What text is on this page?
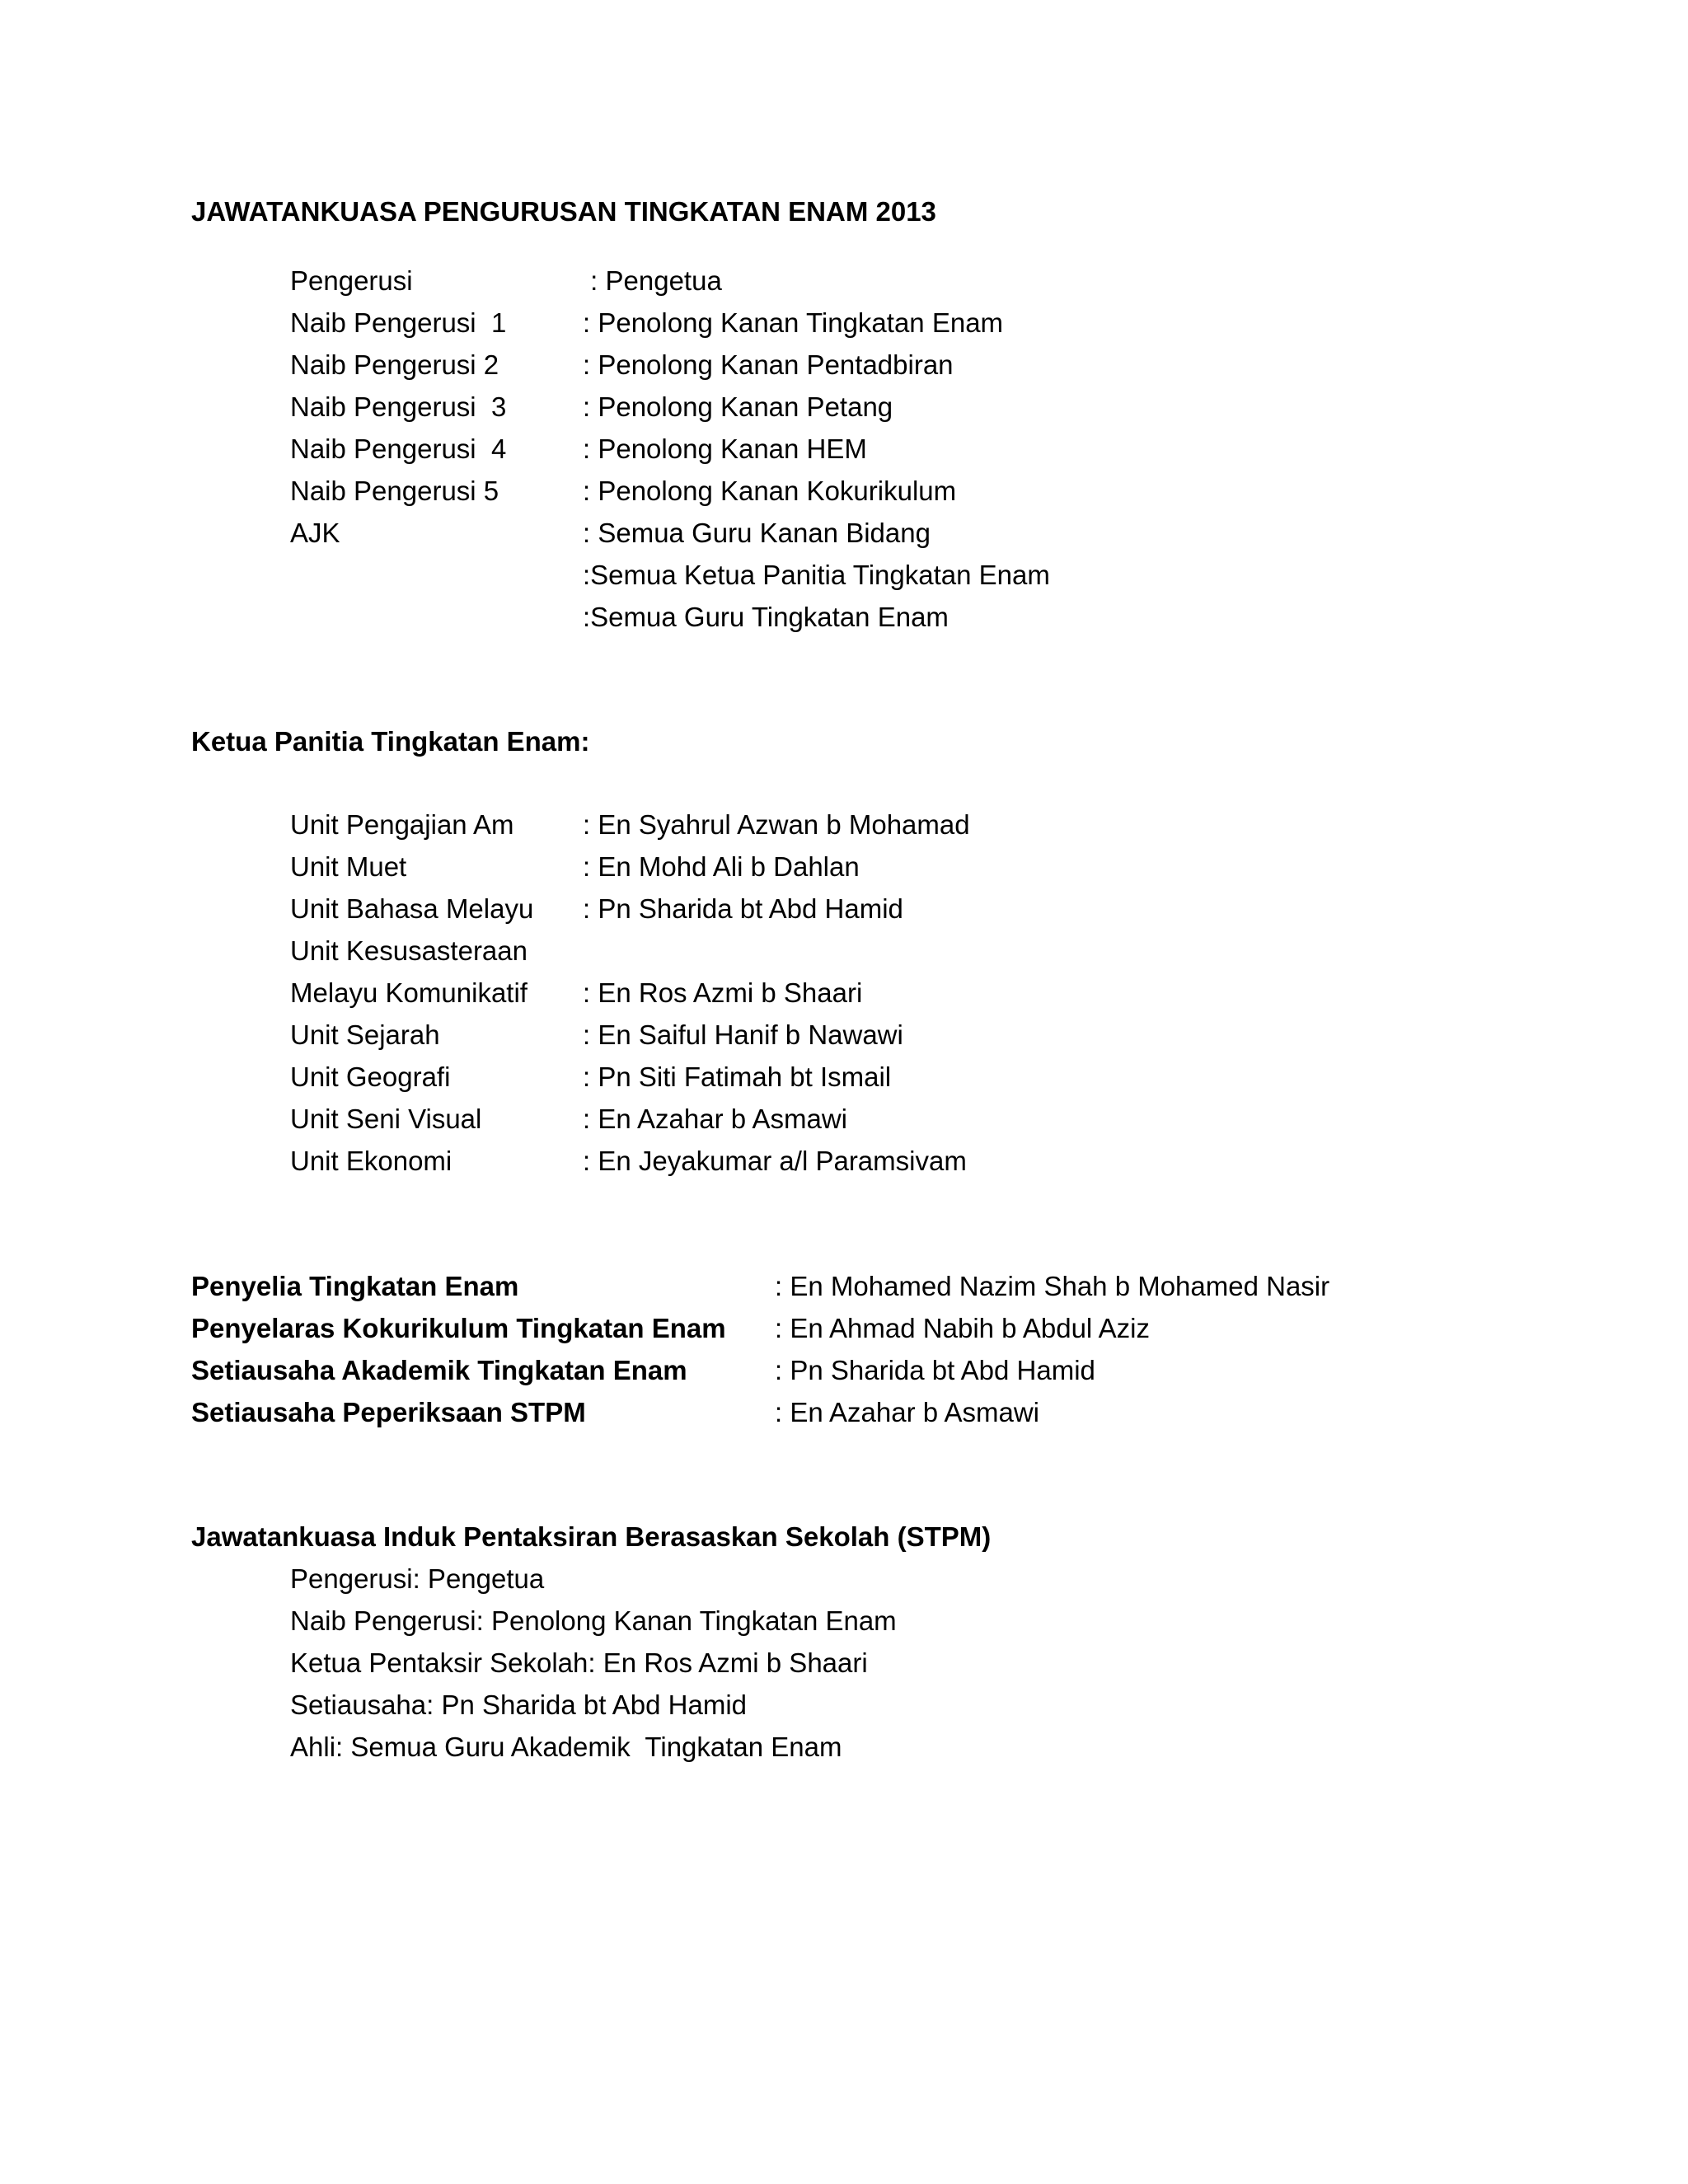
JAWATANKUASA PENGURUSAN TINGKATAN ENAM 2013
Pengerusi	: Pengetua
Naib Pengerusi  1	: Penolong Kanan Tingkatan Enam
Naib Pengerusi 2	: Penolong Kanan Pentadbiran
Naib Pengerusi  3	: Penolong Kanan Petang
Naib Pengerusi  4	: Penolong Kanan HEM
Naib Pengerusi 5	: Penolong Kanan Kokurikulum
AJK	: Semua Guru Kanan Bidang
:Semua Ketua Panitia Tingkatan Enam
:Semua Guru Tingkatan Enam
Ketua Panitia Tingkatan Enam:
Unit Pengajian Am	: En Syahrul Azwan b Mohamad
Unit Muet	: En Mohd Ali b Dahlan
Unit Bahasa Melayu : Pn Sharida bt Abd Hamid
Unit Kesusasteraan
Melayu Komunikatif : En Ros Azmi b Shaari
Unit Sejarah	: En Saiful Hanif b Nawawi
Unit Geografi	: Pn Siti Fatimah bt Ismail
Unit Seni Visual	: En Azahar b Asmawi
Unit Ekonomi	: En Jeyakumar a/l Paramsivam
Penyelia Tingkatan Enam	: En Mohamed Nazim Shah b Mohamed Nasir
Penyelaras Kokurikulum Tingkatan Enam : En Ahmad Nabih b Abdul Aziz
Setiausaha Akademik Tingkatan Enam	: Pn Sharida bt Abd Hamid
Setiausaha Peperiksaan STPM	: En Azahar b Asmawi
Jawatankuasa Induk Pentaksiran Berasaskan Sekolah (STPM)
Pengerusi: Pengetua
Naib Pengerusi: Penolong Kanan Tingkatan Enam
Ketua Pentaksir Sekolah: En Ros Azmi b Shaari
Setiausaha: Pn Sharida bt Abd Hamid
Ahli: Semua Guru Akademik  Tingkatan Enam
